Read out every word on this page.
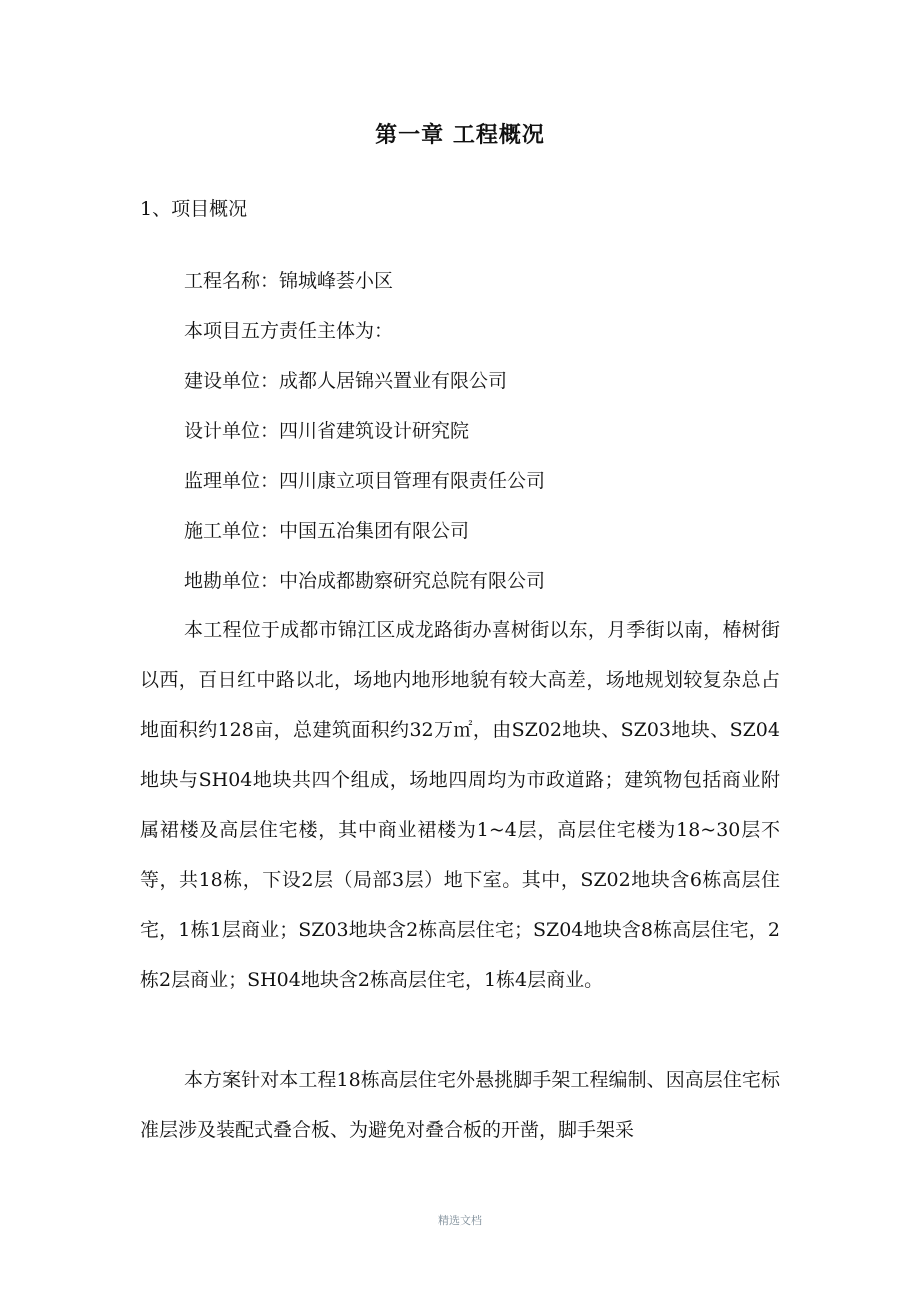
第一章 工程概况
1、项目概况
工程名称：锦城峰荟小区
本项目五方责任主体为：
建设单位：成都人居锦兴置业有限公司
设计单位：四川省建筑设计研究院
监理单位：四川康立项目管理有限责任公司
施工单位：中国五冶集团有限公司
地勘单位：中冶成都勘察研究总院有限公司
本工程位于成都市锦江区成龙路街办喜树街以东，月季街以南，椿树街以西，百日红中路以北，场地内地形地貌有较大高差，场地规划较复杂总占地面积约128亩，总建筑面积约32万㎡，由SZ02地块、SZ03地块、SZ04地块与SH04地块共四个组成，场地四周均为市政道路；建筑物包括商业附属裙楼及高层住宅楼，其中商业裙楼为1~4层，高层住宅楼为18~30层不等，共18栋，下设2层（局部3层）地下室。其中，SZ02地块含6栋高层住宅，1栋1层商业；SZ03地块含2栋高层住宅；SZ04地块含8栋高层住宅，2栋2层商业；SH04地块含2栋高层住宅，1栋4层商业。
本方案针对本工程18栋高层住宅外悬挑脚手架工程编制、因高层住宅标准层涉及装配式叠合板、为避免对叠合板的开凿，脚手架采
精选文档
